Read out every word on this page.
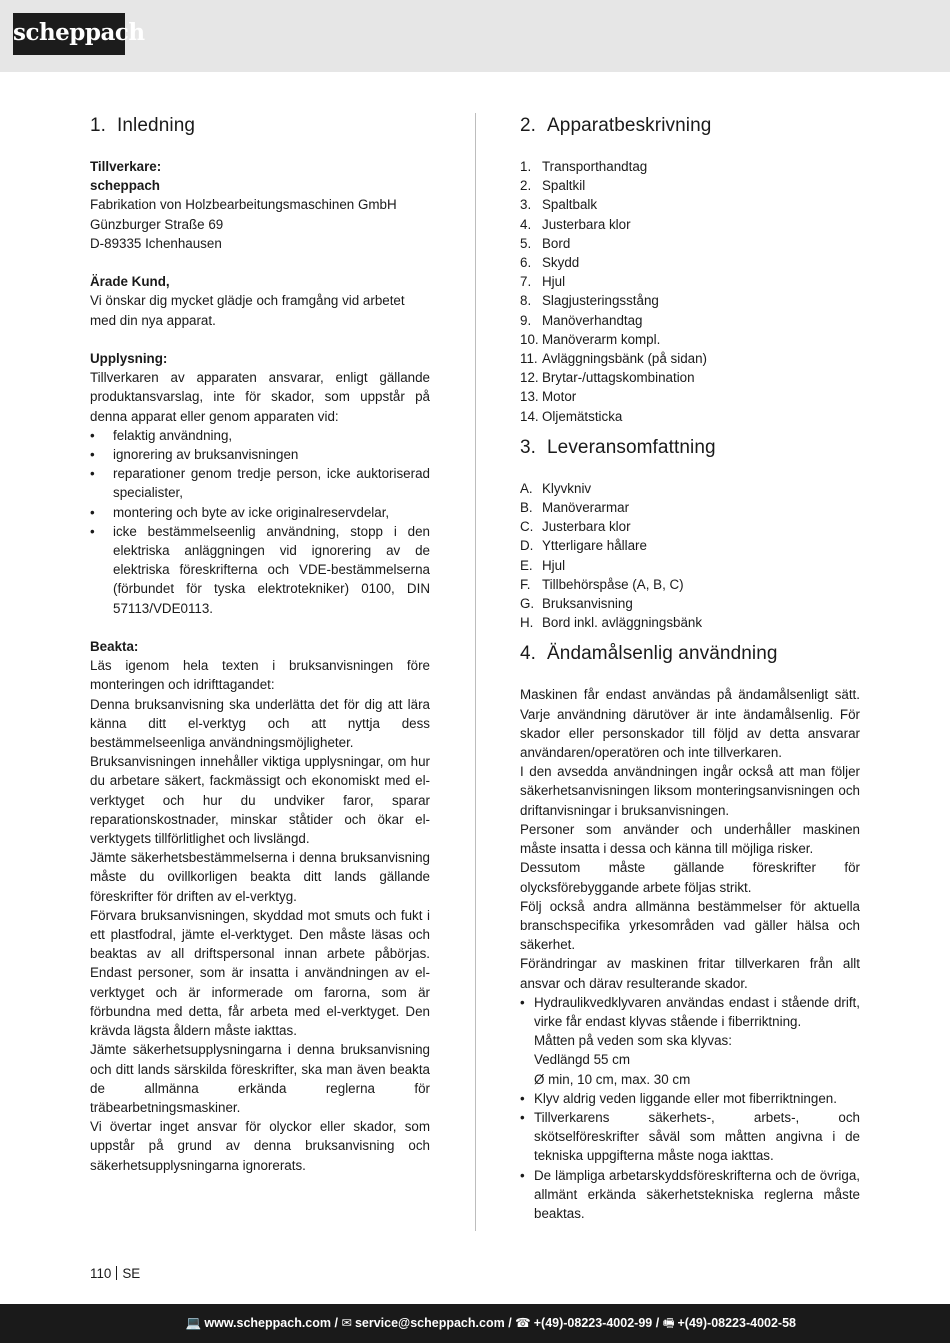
scheppach
1. Inledning

Tillverkare:

scheppach

Fabrikation von Holzbearbeitungsmaschinen GmbH

Günzburger Straße 69

D-89335 Ichenhausen

Ärade Kund,

Vi önskar dig mycket glädje och framgång vid arbetet med din nya apparat.

Upplysning:

Tillverkaren av apparaten ansvarar, enligt gällande produktansvarslag, inte för skador, som uppstår på denna apparat eller genom apparaten vid:

• felaktig användning,
• ignorering av bruksanvisningen
• reparationer genom tredje person, icke auktoriserad specialister,
• montering och byte av icke originalreservdelar,
• icke bestämmelseenlig användning, stopp i den elektriska anläggningen vid ignorering av de elektriska föreskrifterna och VDE-bestämmelserna (förbundet för tyska elektrotekniker) 0100, DIN 57113/VDE0113.

Beakta:

Läs igenom hela texten i bruksanvisningen före monteringen och idrifttagandet:

Denna bruksanvisning ska underlätta det för dig att lära känna ditt el-verktyg och att nyttja dess bestämmelseenliga användningsmöjligheter.

Bruksanvisningen innehåller viktiga upplysningar, om hur du arbetare säkert, fackmässigt och ekonomiskt med el-verktyget och hur du undviker faror, sparar reparationskostnader, minskar ståtider och ökar el-verktygets tillförlitlighet och livslängd.

Jämte säkerhetsbestämmelserna i denna bruksanvisning måste du ovillkorligen beakta ditt lands gällande föreskrifter för driften av el-verktyg.

Förvara bruksanvisningen, skyddad mot smuts och fukt i ett plastfodral, jämte el-verktyget. Den måste läsas och beaktas av all driftspersonal innan arbete påbörjas. Endast personer, som är insatta i användningen av el-verktyget och är informerade om farorna, som är förbundna med detta, får arbeta med el-verktyget. Den krävda lägsta åldern måste iakttas.

Jämte säkerhetsupplysningarna i denna bruksanvisning och ditt lands särskilda föreskrifter, ska man även beakta de allmänna erkända reglerna för träbearbetningsmaskiner.

Vi övertar inget ansvar för olyckor eller skador, som uppstår på grund av denna bruksanvisning och säkerhetsupplysningarna ignorerats.

2. Apparatbeskrivning
1. Transporthandtag
2. Spaltkil
3. Spaltbalk
4. Justerbara klor
5. Bord
6. Skydd
7. Hjul
8. Slagjusteringsstång
9. Manöverhandtag
10. Manöverarm kompl.
11. Avläggningsbänk (på sidan)
12. Brytar-/uttagskombination
13. Motor
14. Oljemätsticka
3. Leveransomfattning
A. Klyvkniv
B. Manöverarmar
C. Justerbara klor
D. Ytterligare hållare
E. Hjul
F. Tillbehörspåse (A, B, C)
G. Bruksanvisning
H. Bord inkl. avläggningsbänk
4. Ändamålsenlig användning

Maskinen får endast användas på ändamålsenligt sätt. Varje användning därutöver är inte ändamålsenlig. För skador eller personskador till följd av detta ansvarar användaren/operatören och inte tillverkaren.

I den avsedda användningen ingår också att man följer säkerhetsanvisningen liksom monteringsanvisningen och driftanvisningar i bruksanvisningen.

Personer som använder och underhåller maskinen måste insatta i dessa och känna till möjliga risker.

Dessutom måste gällande föreskrifter för olycksförebyggande arbete följas strikt.

Följ också andra allmänna bestämmelser för aktuella branschspecifika yrkesområden vad gäller hälsa och säkerhet.

Förändringar av maskinen fritar tillverkaren från allt ansvar och därav resulterande skador.

• Hydraulikvedklyvaren användas endast i stående drift, virke får endast klyvas stående i fiberriktning.
Måtten på veden som ska klyvas:
Vedlängd 55 cm
Ø min, 10 cm, max. 30 cm
• Klyv aldrig veden liggande eller mot fiberriktningen.
• Tillverkarens säkerhets-, arbets-, och skötselföreskrifter såväl som måtten angivna i de tekniska uppgifterna måste noga iakttas.
• De lämpliga arbetarskyddsföreskrifterna och de övriga, allmänt erkända säkerhetstekniska reglerna måste beaktas.
110 SE
💻 www.scheppach.com / ✉ service@scheppach.com / ☎ +(49)-08223-4002-99 / 🖷 +(49)-08223-4002-58
